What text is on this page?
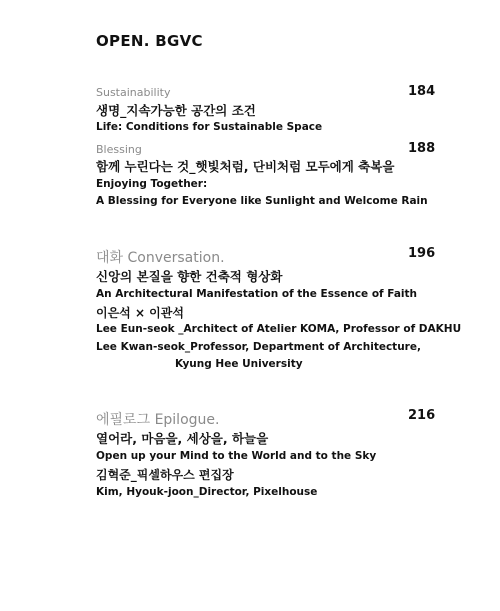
OPEN. BGVC
Sustainability	184
생명_지속가능한 공간의 조건
Life: Conditions for Sustainable Space
Blessing	188
함께 누린다는 것_햇빛처럼, 단비처럼 모두에게 축복을
Enjoying Together:
A Blessing for Everyone like Sunlight and Welcome Rain
대화 Conversation.	196
신앙의 본질을 향한 건축적 형상화
An Architectural Manifestation of the Essence of Faith
이은석 × 이관석
Lee Eun-seok _Architect of Atelier KOMA, Professor of DAKHU
Lee Kwan-seok_Professor, Department of Architecture,
Kyung Hee University
에필로그 Epilogue.	216
열어라, 마음을, 세상을, 하늘을
Open up your Mind to the World and to the Sky
김혁준_픽셀하우스 편집장
Kim, Hyouk-joon_Director, Pixelhouse
